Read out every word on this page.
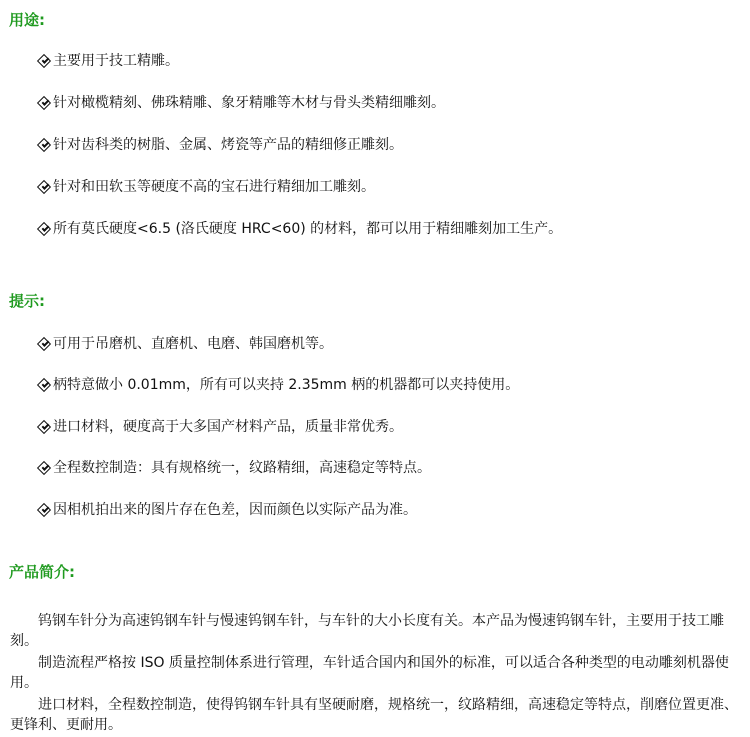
用途:
主要用于技工精雕。
针对橄榄精刻、佛珠精雕、象牙精雕等木材与骨头类精细雕刻。
针对齿科类的树脂、金属、烤瓷等产品的精细修正雕刻。
针对和田软玉等硬度不高的宝石进行精细加工雕刻。
所有莫氏硬度<6.5 (洛氏硬度 HRC<60) 的材料，都可以用于精细雕刻加工生产。
提示:
可用于吊磨机、直磨机、电磨、韩国磨机等。
柄特意做小 0.01mm，所有可以夹持 2.35mm 柄的机器都可以夹持使用。
进口材料，硬度高于大多国产材料产品，质量非常优秀。
全程数控制造：具有规格统一，纹路精细，高速稳定等特点。
因相机拍出来的图片存在色差，因而颜色以实际产品为准。
产品简介:
钨钢车针分为高速钨钢车针与慢速钨钢车针，与车针的大小长度有关。本产品为慢速钨钢车针，主要用于技工雕刻。
制造流程严格按 ISO 质量控制体系进行管理，车针适合国内和国外的标准，可以适合各种类型的电动雕刻机器使用。
进口材料，全程数控制造，使得钨钢车针具有坚硬耐磨，规格统一，纹路精细，高速稳定等特点，削磨位置更准、更锋利、更耐用。
